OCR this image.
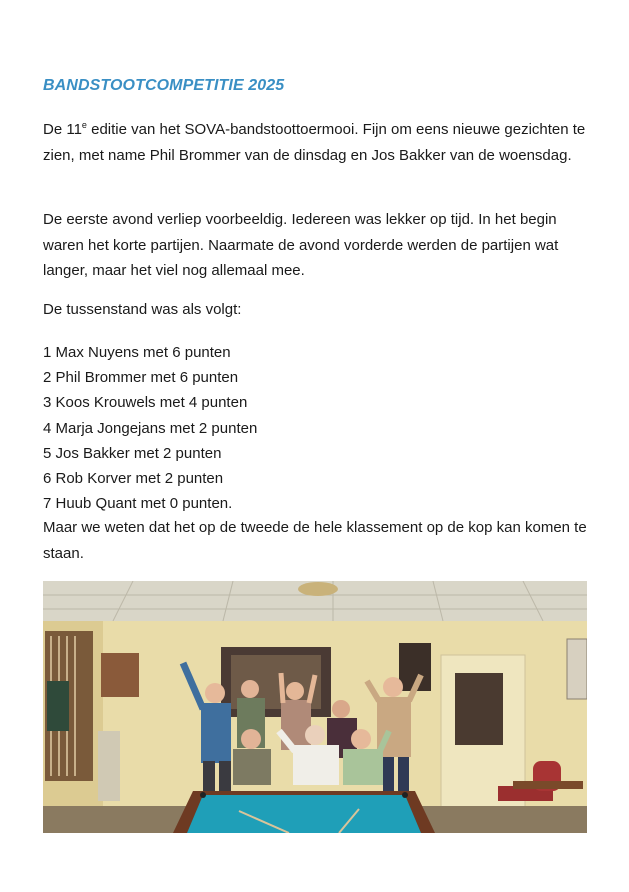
BANDSTOOTCOMPETITIE 2025
De 11e editie van het SOVA-bandstoottoermooi. Fijn om eens nieuwe gezichten te zien, met name Phil Brommer van de dinsdag en Jos Bakker van de woensdag.
De eerste avond verliep voorbeeldig. Iedereen was lekker op tijd. In het begin waren het korte partijen. Naarmate de avond vorderde werden de partijen wat langer, maar het viel nog allemaal mee.
De tussenstand was als volgt:
1 Max Nuyens met 6 punten
2 Phil Brommer met 6 punten
3 Koos Krouwels met 4 punten
4 Marja Jongejans met 2 punten
5 Jos Bakker met 2 punten
6 Rob Korver met 2 punten
7 Huub Quant met 0 punten.
Maar we weten dat het op de tweede de hele klassement op de kop kan komen te staan.
